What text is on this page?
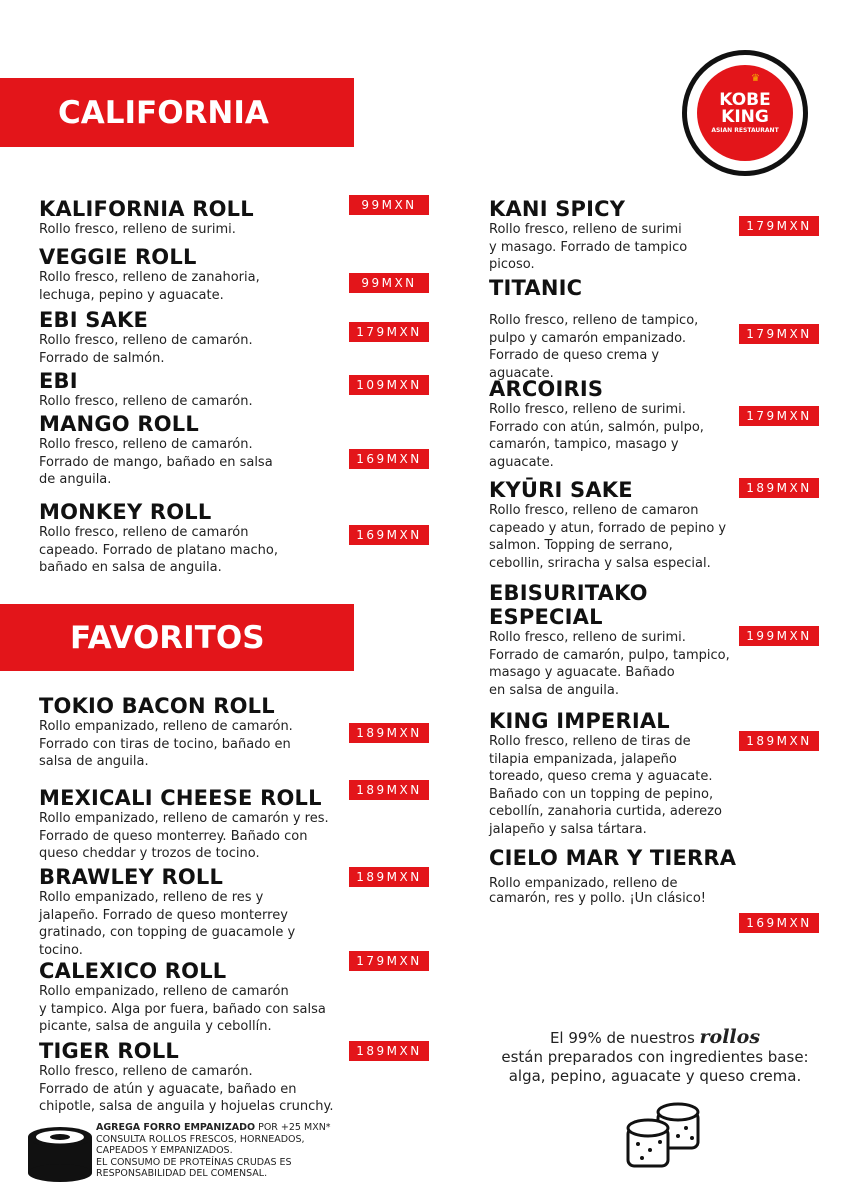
♛
KOBE
KING
ASIAN RESTAURANT
CALIFORNIA
FAVORITOS
KALIFORNIA ROLL
Rollo fresco, relleno de surimi.
99MXN
VEGGIE ROLL
Rollo fresco, relleno de zanahoria,
lechuga, pepino y aguacate.
99MXN
EBI SAKE
Rollo fresco, relleno de camarón.
Forrado de salmón.
179MXN
EBI
Rollo fresco, relleno de camarón.
109MXN
MANGO ROLL
Rollo fresco, relleno de camarón.
Forrado de mango, bañado en salsa
de anguila.
169MXN
MONKEY ROLL
Rollo fresco, relleno de camarón
capeado. Forrado de platano macho,
bañado en salsa de anguila.
169MXN
TOKIO BACON ROLL
Rollo empanizado, relleno de camarón.
Forrado con tiras de tocino, bañado en
salsa de anguila.
189MXN
MEXICALI CHEESE ROLL
Rollo empanizado, relleno de camarón y res.
Forrado de queso monterrey. Bañado con
queso cheddar y trozos de tocino.
189MXN
BRAWLEY ROLL
Rollo empanizado, relleno de res y
jalapeño. Forrado de queso monterrey
gratinado, con topping de guacamole y
tocino.
189MXN
CALEXICO ROLL
Rollo empanizado, relleno de camarón
y tampico. Alga por fuera, bañado con salsa
picante, salsa de anguila y cebollín.
179MXN
TIGER ROLL
Rollo fresco, relleno de camarón.
Forrado de atún y aguacate, bañado en
chipotle, salsa de anguila y hojuelas crunchy.
189MXN
KANI SPICY
Rollo fresco, relleno de surimi
y masago. Forrado de tampico
picoso.
179MXN
TITANIC
Rollo fresco, relleno de tampico,
pulpo y camarón empanizado.
Forrado de queso crema y
aguacate.
179MXN
ARCOIRIS
Rollo fresco, relleno de surimi.
Forrado con atún, salmón, pulpo,
camarón, tampico, masago y
aguacate.
179MXN
KYŪRI SAKE
Rollo fresco, relleno de camaron
capeado y atun, forrado de pepino y
salmon. Topping de serrano,
cebollin, sriracha y salsa especial.
189MXN
EBISURITAKO
ESPECIAL
Rollo fresco, relleno de surimi.
Forrado de camarón, pulpo, tampico,
masago y aguacate. Bañado
en salsa de anguila.
199MXN
KING IMPERIAL
Rollo fresco, relleno de tiras de
tilapia empanizada, jalapeño
toreado, queso crema y aguacate.
Bañado con un topping de pepino,
cebollín, zanahoria curtida, aderezo
jalapeño y salsa tártara.
189MXN
CIELO MAR Y TIERRA
Rollo empanizado, relleno de
camarón, res y pollo. ¡Un clásico!
169MXN
El 99% de nuestros rollos
están preparados con ingredientes base:
alga, pepino, aguacate y queso crema.
AGREGA FORRO EMPANIZADO POR +25 MXN*
CONSULTA ROLLOS FRESCOS, HORNEADOS,
CAPEADOS Y EMPANIZADOS.
EL CONSUMO DE PROTEÍNAS CRUDAS ES
RESPONSABILIDAD DEL COMENSAL.
